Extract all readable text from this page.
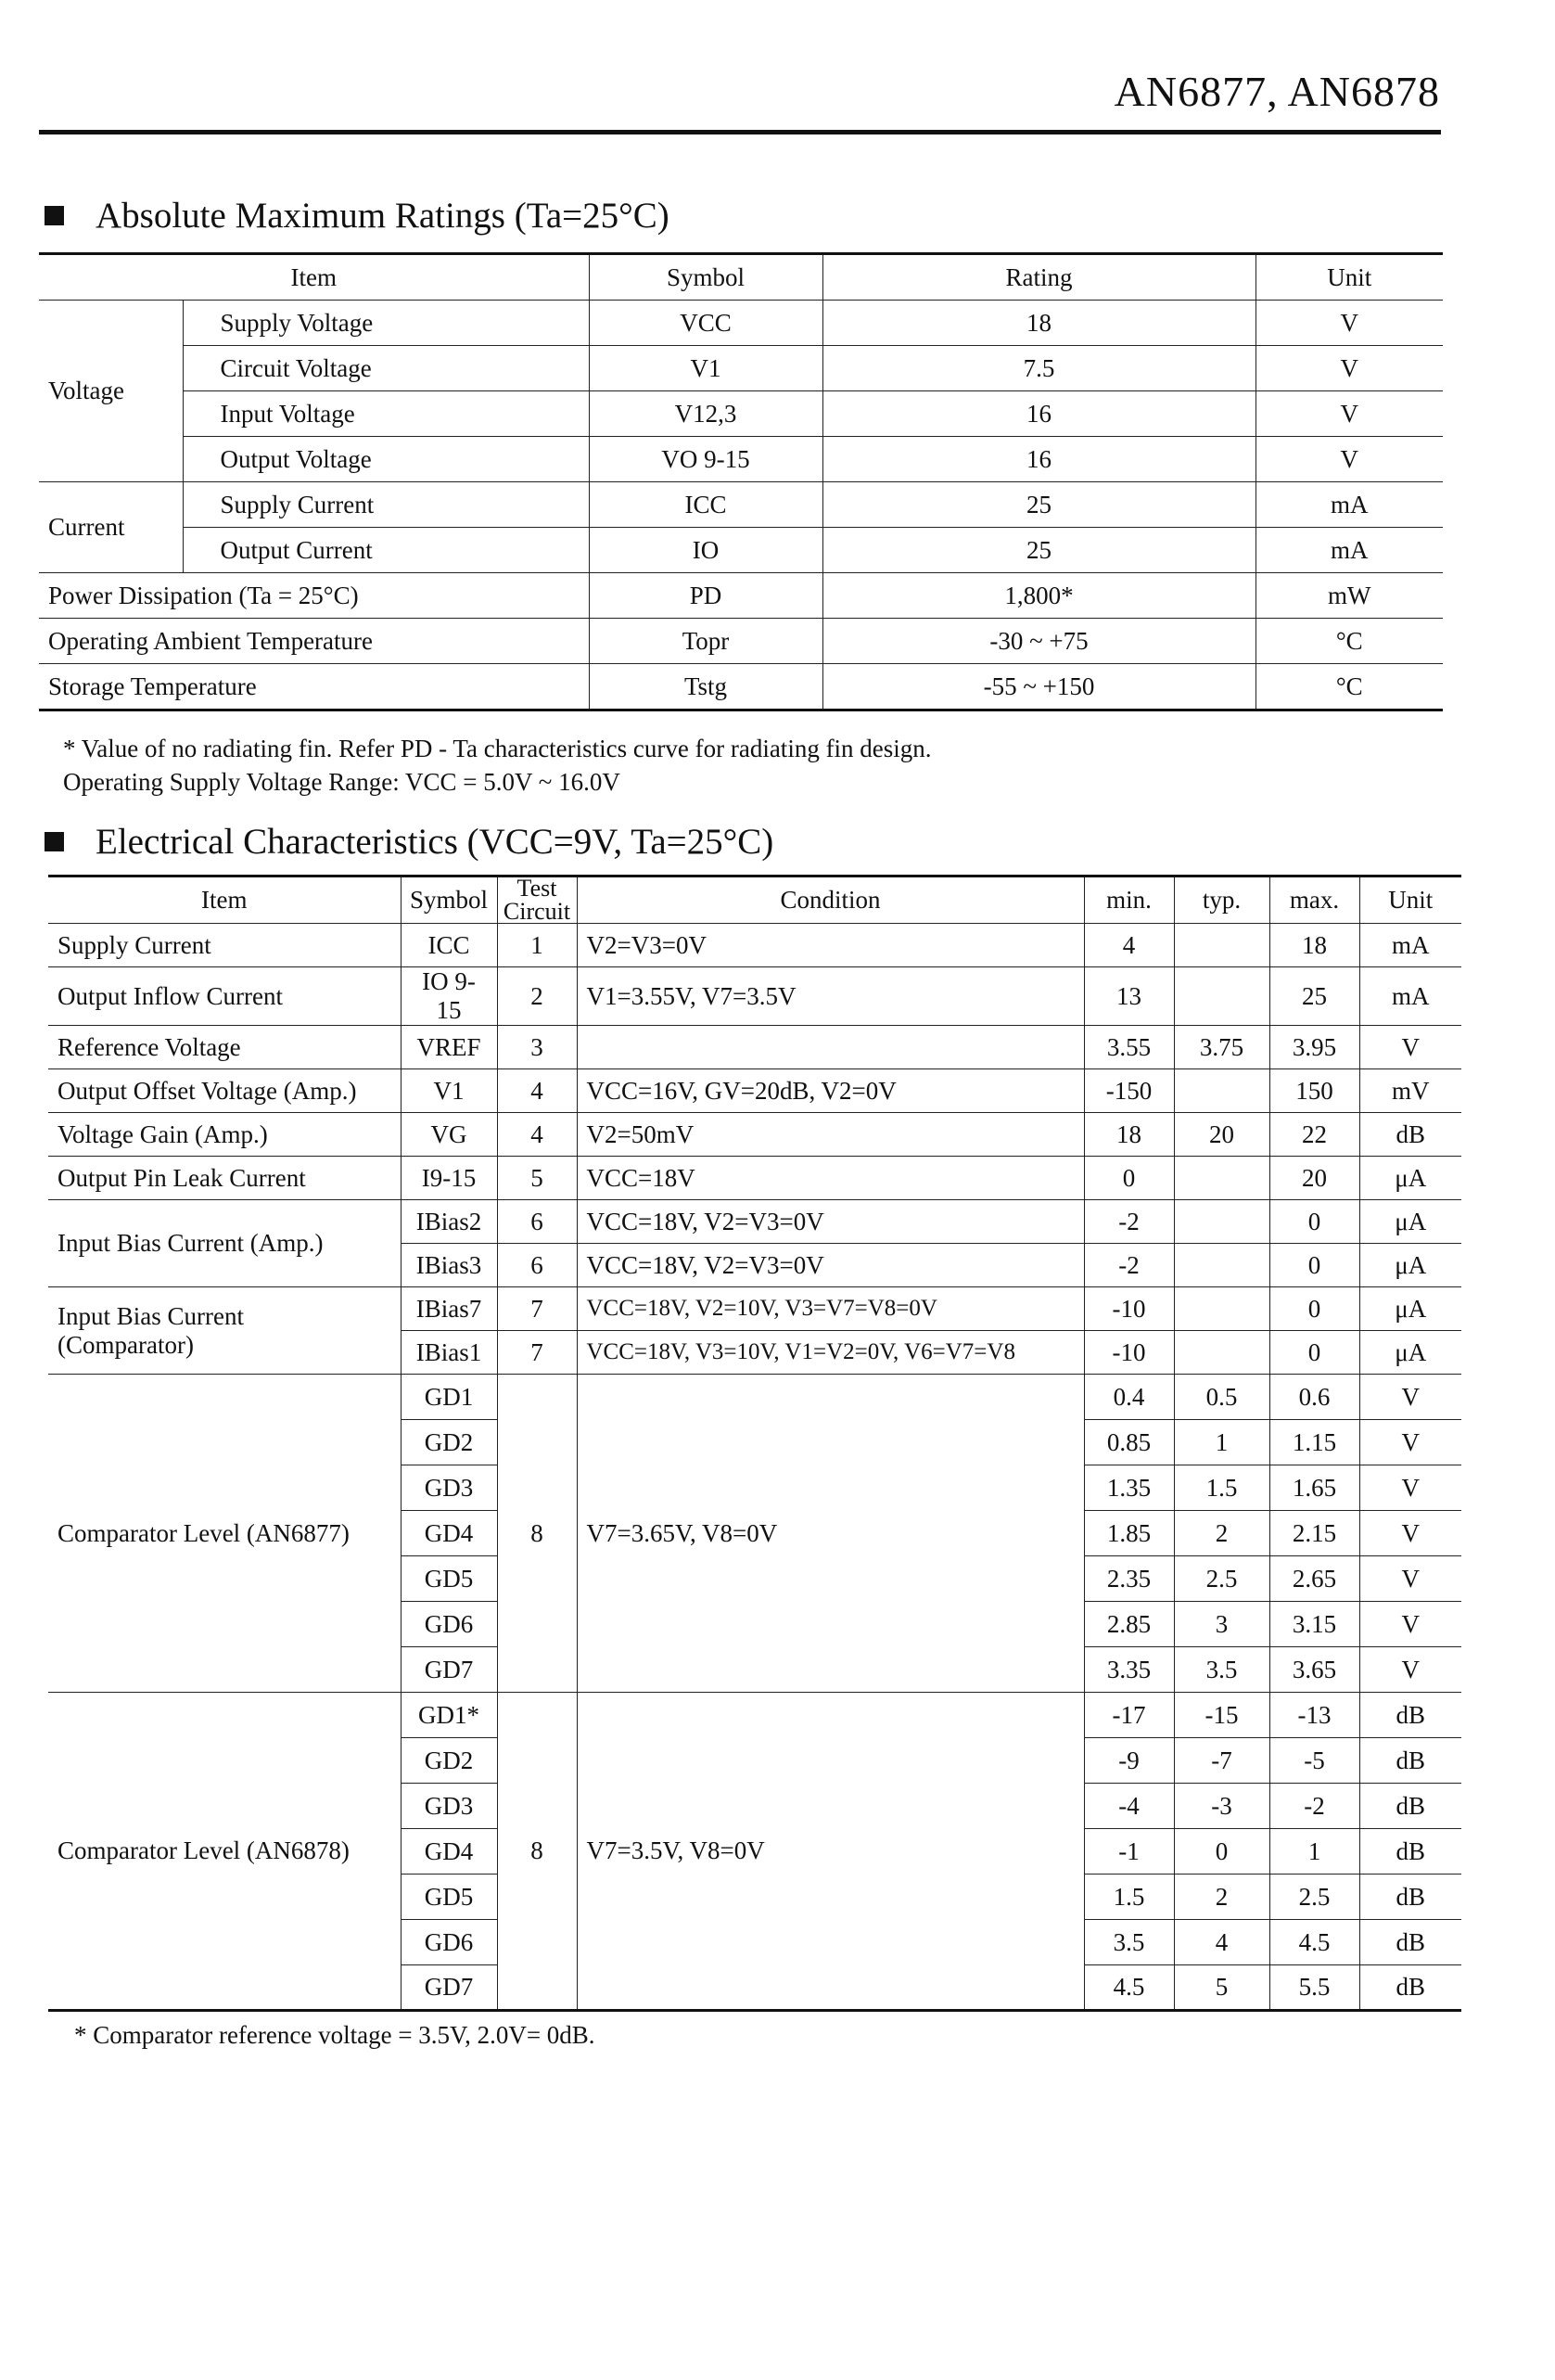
AN6877, AN6878
Absolute Maximum Ratings (Ta=25°C)
Item		Symbol	Rating	Unit
Voltage	Supply Voltage	VCC	18	V
	Circuit Voltage	V1	7.5	V
	Input Voltage	V12,3	16	V
	Output Voltage	VO 9-15	16	V
Current	Supply Current	ICC	25	mA
	Output Current	IO	25	mA
Power Dissipation (Ta = 25°C)		PD	1,800*	mW
Operating Ambient Temperature		Topr	-30 ~ +75	°C
Storage Temperature		Tstg	-55 ~ +150	°C
* Value of no radiating fin. Refer PD - Ta characteristics curve for radiating fin design.
Operating Supply Voltage Range: VCC = 5.0V ~ 16.0V
Electrical Characteristics (VCC=9V, Ta=25°C)
Item	Symbol	Test Circuit	Condition	min.	typ.	max.	Unit
Supply Current	ICC	1	V2=V3=0V	4		18	mA
Output Inflow Current	IO 9-15	2	V1=3.55V, V7=3.5V	13		25	mA
Reference Voltage	VREF	3		3.55	3.75	3.95	V
Output Offset Voltage (Amp.)	V1	4	VCC=16V, GV=20dB, V2=0V	-150		150	mV
Voltage Gain (Amp.)	VG	4	V2=50mV	18	20	22	dB
Output Pin Leak Current	I9-15	5	VCC=18V	0		20	μA
Input Bias Current (Amp.)	IBias2	6	VCC=18V, V2=V3=0V	-2		0	μA
	IBias3	6	VCC=18V, V2=V3=0V	-2		0	μA

Input Bias Current
(Comparator)	IBias7	7	VCC=18V, V2=10V, V3=V7=V8=0V	-10		0	μA
	IBias1	7	VCC=18V, V3=10V, V1=V2=0V, V6=V7=V8	-10		0	μA
Comparator Level (AN6877)	GD1	8	V7=3.65V, V8=0V	0.4	0.5	0.6	V
	GD2			0.85	1	1.15	V
	GD3			1.35	1.5	1.65	V
	GD4			1.85	2	2.15	V
	GD5			2.35	2.5	2.65	V
	GD6			2.85	3	3.15	V
	GD7			3.35	3.5	3.65	V
Comparator Level (AN6878)	GD1*	8	V7=3.5V, V8=0V	-17	-15	-13	dB
	GD2			-9	-7	-5	dB
	GD3			-4	-3	-2	dB
	GD4			-1	0	1	dB
	GD5			1.5	2	2.5	dB
	GD6			3.5	4	4.5	dB
	GD7			4.5	5	5.5	dB
* Comparator reference voltage = 3.5V, 2.0V= 0dB.
